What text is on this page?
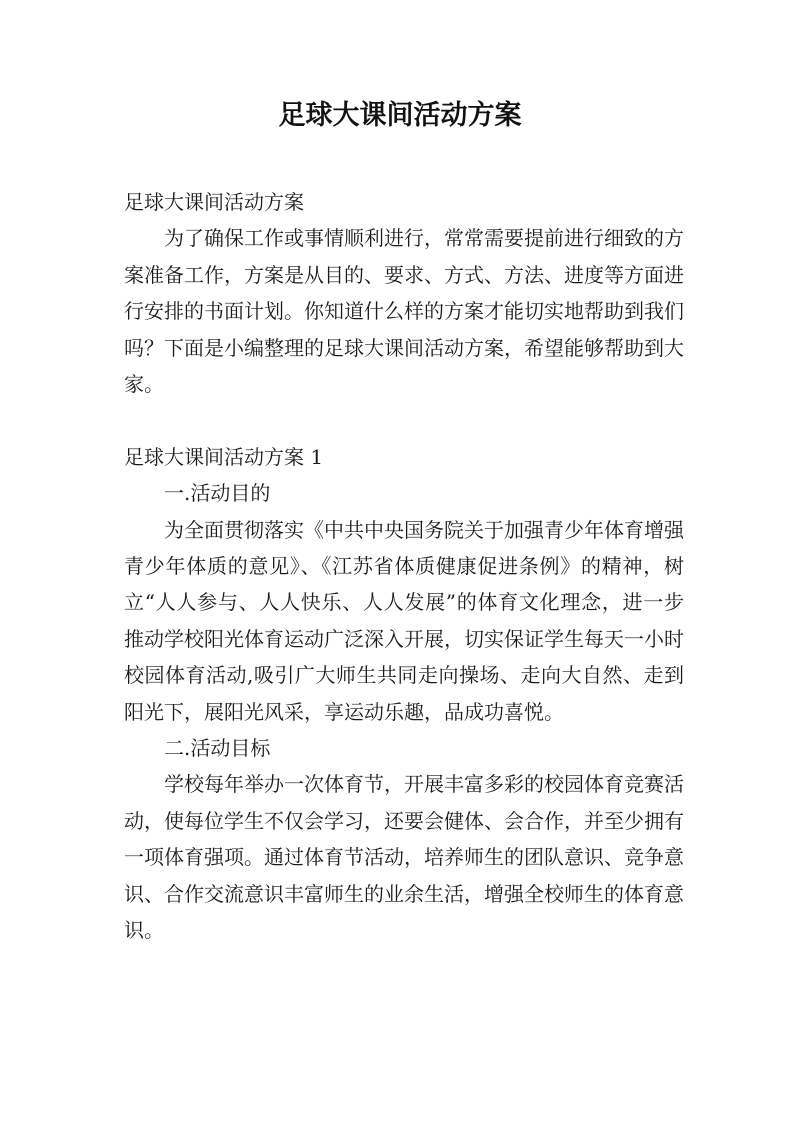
足球大课间活动方案

足球大课间活动方案

为了确保工作或事情顺利进行，常常需要提前进行细致的方案准备工作，方案是从目的、要求、方式、方法、进度等方面进行安排的书面计划。你知道什么样的方案才能切实地帮助到我们吗？下面是小编整理的足球大课间活动方案，希望能够帮助到大家。

足球大课间活动方案 1

一.活动目的

为全面贯彻落实《中共中央国务院关于加强青少年体育增强青少年体质的意见》、《江苏省体质健康促进条例》的精神，树立“人人参与、人人快乐、人人发展”的体育文化理念，进一步推动学校阳光体育运动广泛深入开展，切实保证学生每天一小时校园体育活动,吸引广大师生共同走向操场、走向大自然、走到阳光下，展阳光风采，享运动乐趣，品成功喜悦。

二.活动目标

学校每年举办一次体育节，开展丰富多彩的校园体育竞赛活动，使每位学生不仅会学习，还要会健体、会合作，并至少拥有一项体育强项。通过体育节活动，培养师生的团队意识、竞争意识、合作交流意识丰富师生的业余生活，增强全校师生的体育意识。
